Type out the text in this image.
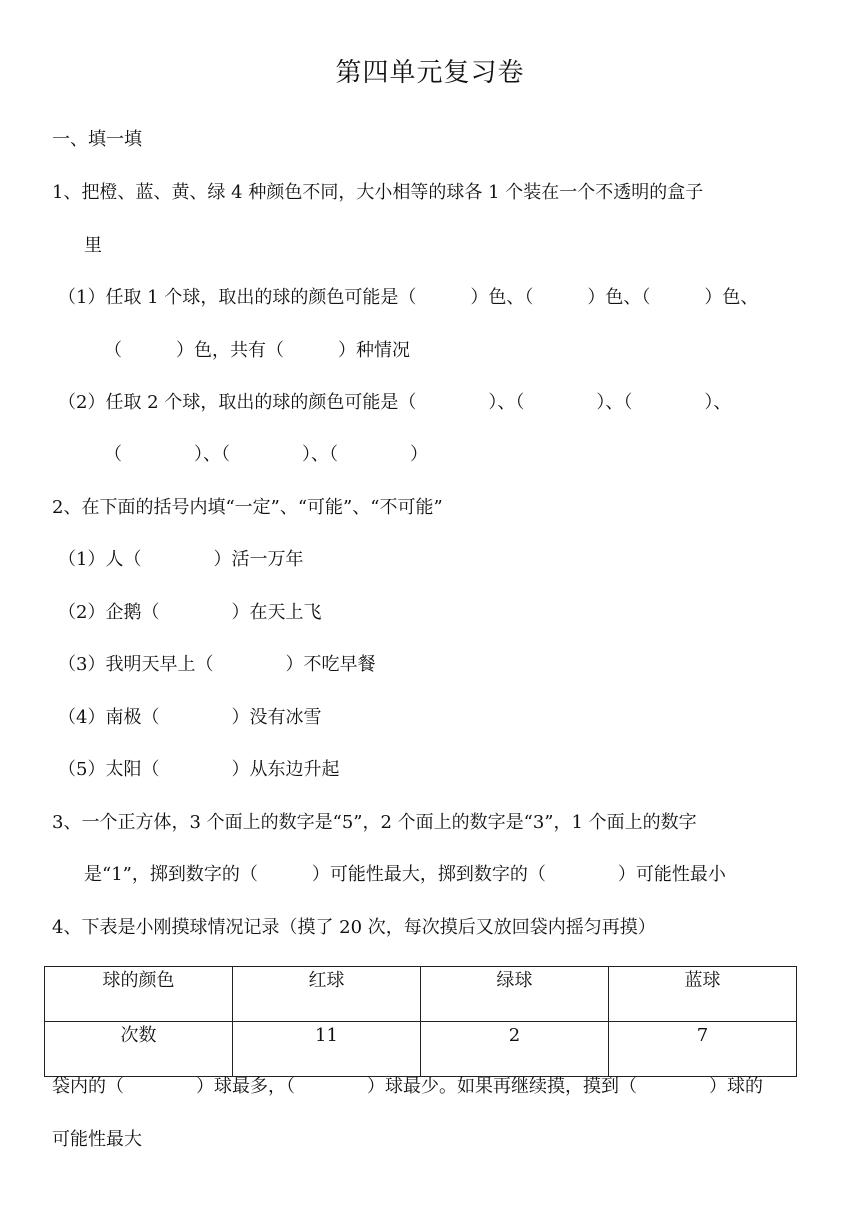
第四单元复习卷
一、填一填
1、把橙、蓝、黄、绿 4 种颜色不同，大小相等的球各 1 个装在一个不透明的盒子
里
（1）任取 1 个球，取出的球的颜色可能是（　　　）色、（　　　）色、（　　　）色、
（　　　）色，共有（　　　）种情况
（2）任取 2 个球，取出的球的颜色可能是（　　　　）、（　　　　）、（　　　　）、
（　　　　）、（　　　　）、（　　　　）
2、在下面的括号内填“一定”、“可能”、“不可能”
（1）人（　　　　）活一万年
（2）企鹅（　　　　）在天上飞
（3）我明天早上（　　　　）不吃早餐
（4）南极（　　　　）没有冰雪
（5）太阳（　　　　）从东边升起
3、一个正方体，3 个面上的数字是“5”，2 个面上的数字是“3”，1 个面上的数字
是“1”，掷到数字的（　　　）可能性最大，掷到数字的（　　　　）可能性最小
4、下表是小刚摸球情况记录（摸了 20 次，每次摸后又放回袋内摇匀再摸）
球的颜色	红球	绿球	蓝球
次数	11	2	7
袋内的（　　　　）球最多，（　　　　）球最少。如果再继续摸，摸到（　　　　）球的
可能性最大
